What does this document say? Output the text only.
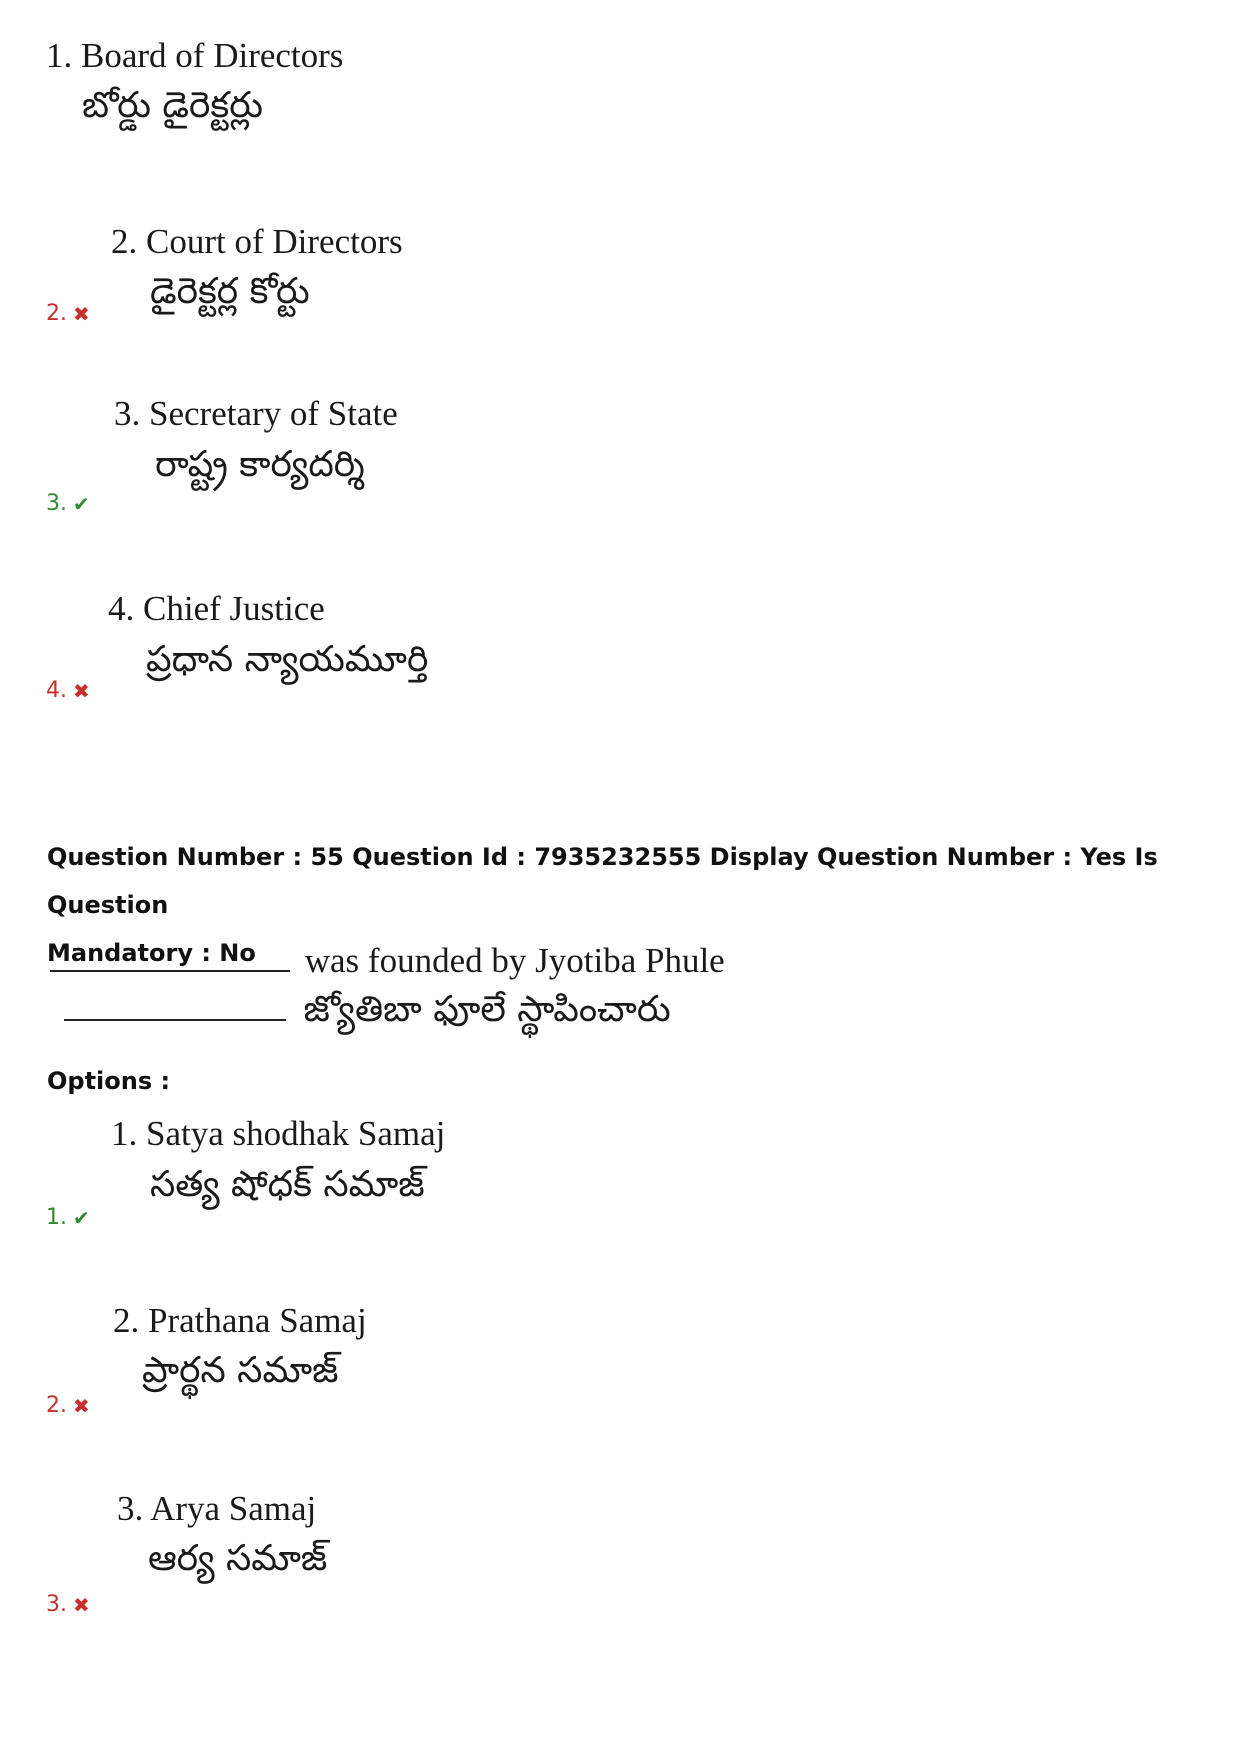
1. Board of Directors
బోర్డు డైరెక్టర్లు
2. Court of Directors
డైరెక్టర్ల కోర్టు
2. ✖
3. Secretary of State
రాష్ట్ర కార్యదర్శి
3. ✔
4. Chief Justice
ప్రధాన న్యాయమూర్తి
4. ✖
Question Number : 55 Question Id : 7935232555 Display Question Number : Yes Is Question
Mandatory : No	was founded by Jyotiba Phule
జ్యోతిబా ఫూలే స్థాపించారు
Options :
1. Satya shodhak Samaj
సత్య షోధక్ సమాజ్
1. ✔
2. Prathana Samaj
ప్రార్థన సమాజ్
2. ✖
3. Arya Samaj
ఆర్య సమాజ్
3. ✖
